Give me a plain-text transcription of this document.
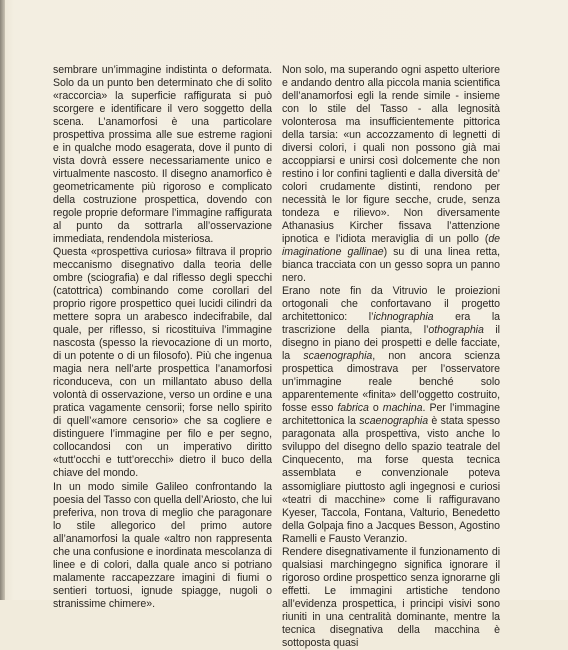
sembrare un’immagine indistinta o deformata. Solo da un punto ben determinato che di solito «raccorcia» la superficie raffigurata si può scorgere e identificare il vero soggetto della scena. L’anamorfosi è una particolare prospettiva prossima alle sue estreme ragioni e in qualche modo esagerata, dove il punto di vista dovrà essere necessariamente unico e virtualmente nascosto. Il disegno anamorfico è geometricamente più rigoroso e complicato della costruzione prospettica, dovendo con regole proprie deformare l’immagine raffigurata al punto da sottrarla all’osservazione immediata, rendendola misteriosa.

Questa «prospettiva curiosa» filtrava il proprio meccanismo disegnativo dalla teoria delle ombre (sciografia) e dal riflesso degli specchi (catottrica) combinando come corollari del proprio rigore prospettico quei lucidi cilindri da mettere sopra un arabesco indecifrabile, dal quale, per riflesso, si ricostituiva l’immagine nascosta (spesso la rievocazione di un morto, di un potente o di un filosofo). Più che ingenua magia nera nell’arte prospettica l’anamorfosi riconduceva, con un millantato abuso della volontà di osservazione, verso un ordine e una pratica vagamente censorii; forse nello spirito di quell’«amore censorio» che sa cogliere e distinguere l’immagine per filo e per segno, collocandosi con un imperativo diritto «tutt’occhi e tutt’orecchi» dietro il buco della chiave del mondo.

In un modo simile Galileo confrontando la poesia del Tasso con quella dell’Ariosto, che lui preferiva, non trova di meglio che paragonare lo stile allegorico del primo autore all’anamorfosi la quale «altro non rappresenta che una confusione e inordinata mescolanza di linee e di colori, dalla quale anco si potriano malamente raccapezzare imagini di fiumi o sentieri tortuosi, ignude spiagge, nugoli o stranissime chimere».

Non solo, ma superando ogni aspetto ulteriore e andando dentro alla piccola mania scientifica dell’anamorfosi egli la rende simile - insieme con lo stile del Tasso - alla legnosità volonterosa ma insufficientemente pittorica della tarsia: «un accozzamento di legnetti di diversi colori, i quali non possono già mai accoppiarsi e unirsi così dolcemente che non restino i lor confini taglienti e dalla diversità de’ colori crudamente distinti, rendono per necessità le lor figure secche, crude, senza tondeza e rilievo». Non diversamente Athanasius Kircher fissava l’attenzione ipnotica e l’idiota meraviglia di un pollo (de imaginatione gallinae) su di una linea retta, bianca tracciata con un gesso sopra un panno nero.

Erano note fin da Vitruvio le proiezioni ortogonali che confortavano il progetto architettonico: l’ichnographia era la trascrizione della pianta, l’othographia il disegno in piano dei prospetti e delle facciate, la scaenographia, non ancora scienza prospettica dimostrava per l’osservatore un’immagine reale benché solo apparentemente «finita» dell’oggetto costruito, fosse esso fabrica o machina. Per l’immagine architettonica la scaenographia è stata spesso paragonata alla prospettiva, visto anche lo sviluppo del disegno dello spazio teatrale del Cinquecento, ma forse questa tecnica assemblata e convenzionale poteva assomigliare piuttosto agli ingegnosi e curiosi «teatri di macchine» come li raffiguravano Kyeser, Taccola, Fontana, Valturio, Benedetto della Golpaja fino a Jacques Besson, Agostino Ramelli e Fausto Veranzio.

Rendere disegnativamente il funzionamento di qualsiasi marchingegno significa ignorare il rigoroso ordine prospettico senza ignorarne gli effetti. Le immagini artistiche tendono all’evidenza prospettica, i principi visivi sono riuniti in una centralità dominante, mentre la tecnica disegnativa della macchina è sottoposta quasi
